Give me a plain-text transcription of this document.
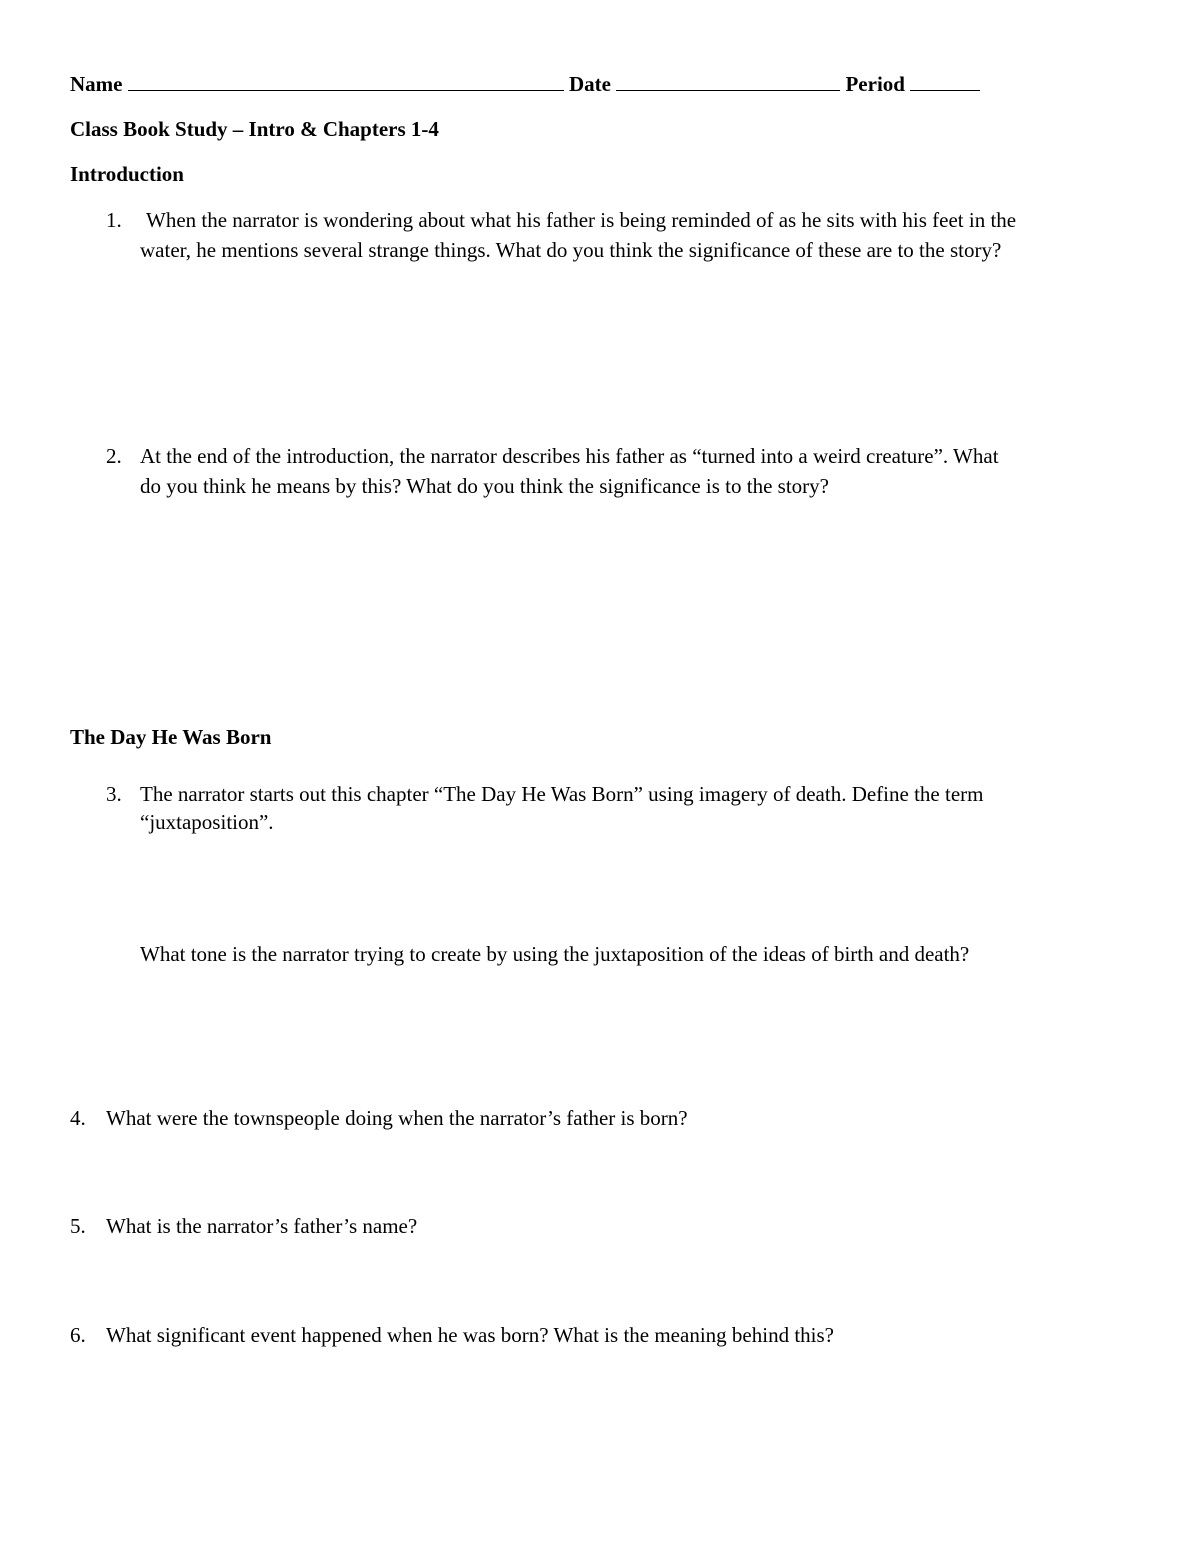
Name	Date	Period
Class Book Study – Intro & Chapters 1-4
Introduction
1. When the narrator is wondering about what his father is being reminded of as he sits with his feet in the
water, he mentions several strange things. What do you think the significance of these are to the story?
2. At the end of the introduction, the narrator describes his father as “turned into a weird creature”. What
do you think he means by this? What do you think the significance is to the story?
The Day He Was Born
3. The narrator starts out this chapter “The Day He Was Born” using imagery of death. Define the term
“juxtaposition”.
What tone is the narrator trying to create by using the juxtaposition of the ideas of birth and death?
4. What were the townspeople doing when the narrator’s father is born?
5. What is the narrator’s father’s name?
6. What significant event happened when he was born? What is the meaning behind this?
